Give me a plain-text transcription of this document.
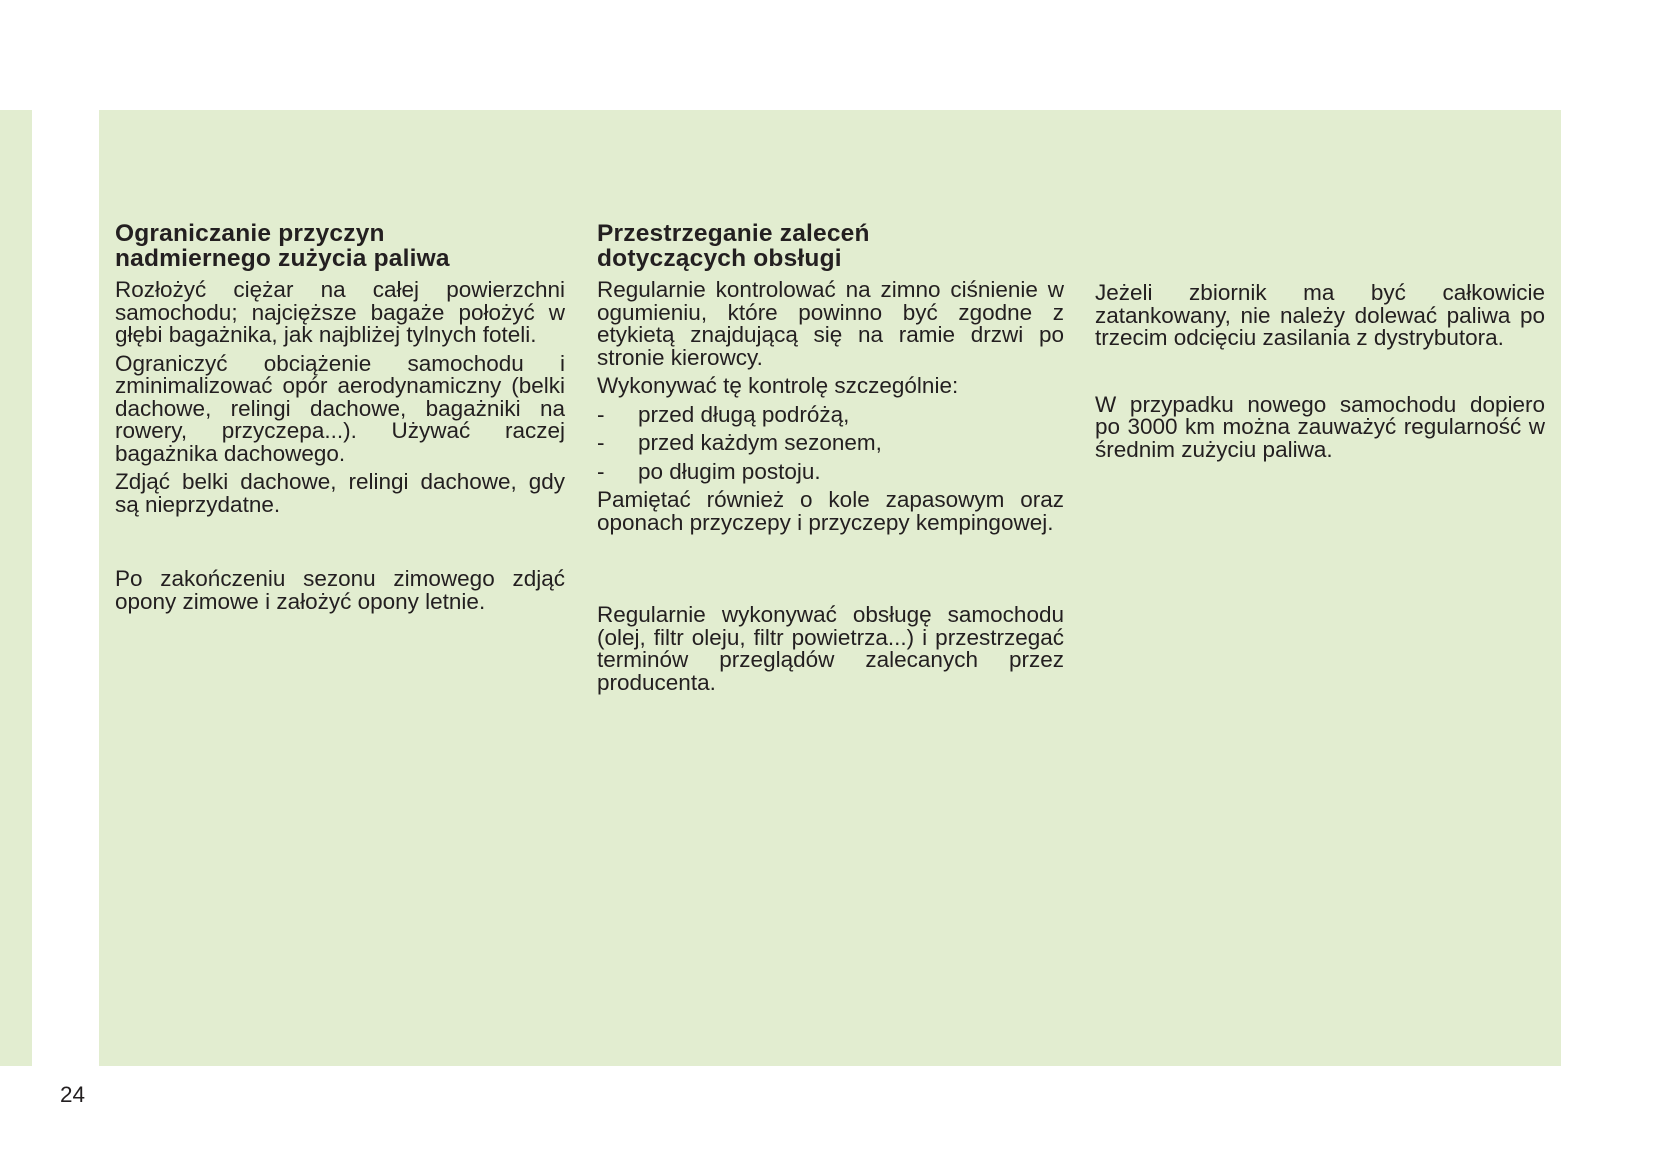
Ograniczanie przyczyn
nadmiernego zużycia paliwa

Rozłożyć ciężar na całej powierzchni samochodu; najcięższe bagaże położyć w głębi bagażnika, jak najbliżej tylnych foteli.

Ograniczyć obciążenie samochodu i zminimalizować opór aerodynamiczny (belki dachowe, relingi dachowe, bagażniki na rowery, przyczepa...). Używać raczej bagażnika dachowego.

Zdjąć belki dachowe, relingi dachowe, gdy są nieprzydatne.

Po zakończeniu sezonu zimowego zdjąć opony zimowe i założyć opony letnie.

Przestrzeganie zaleceń
dotyczących obsługi

Regularnie kontrolować na zimno ciśnienie w ogumieniu, które powinno być zgodne z etykietą znajdującą się na ramie drzwi po stronie kierowcy.

Wykonywać tę kontrolę szczególnie:

- przed długą podróżą,
- przed każdym sezonem,
- po długim postoju.

Pamiętać również o kole zapasowym oraz oponach przyczepy i przyczepy kempingowej.

Regularnie wykonywać obsługę samochodu (olej, filtr oleju, filtr powietrza...) i przestrzegać terminów przeglądów zalecanych przez producenta.

Jeżeli zbiornik ma być całkowicie zatankowany, nie należy dolewać paliwa po trzecim odcięciu zasilania z dystrybutora.

W przypadku nowego samochodu dopiero po 3000 km można zauważyć regularność w średnim zużyciu paliwa.

24
